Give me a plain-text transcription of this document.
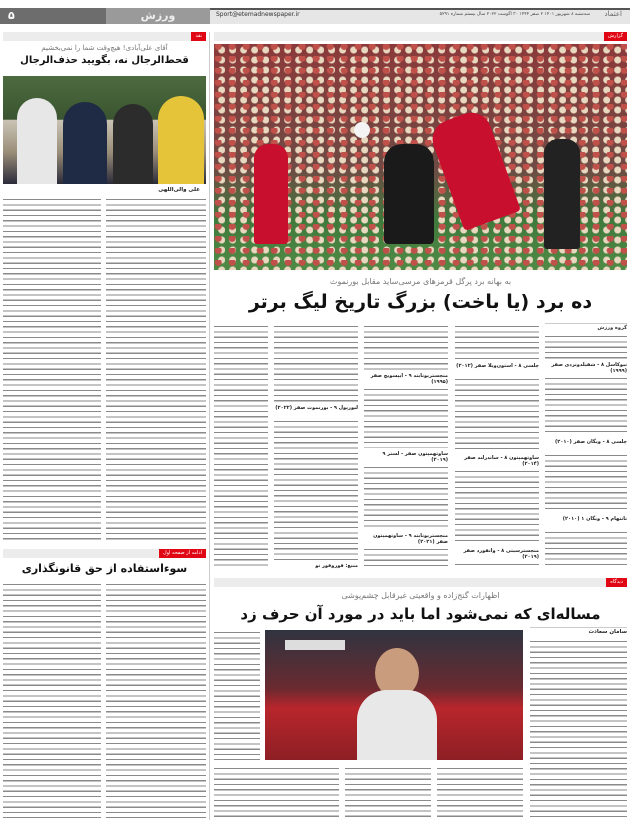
۵	ورزش	Sport@etemadnewspaper.ir	سه‌شنبه ۸ شهریور ۱۴۰۱ ۲ صفر ۱۴۴۴ ۳۰ اگوست ۲۰۲۲ سال بیستم شماره ۵۲۹۱ اعتماد
نقد
آقای علی‌آبادی! هیچ‌وقت شما را نمی‌بخشیم
قحط‌الرجال نه، بگویید حذف‌الرجال
علی والی‌اللهی
ادامه از صفحه اول
سوءاستفاده از حق قانونگذاری
گزارش
به بهانه برد پرگل قرمزهای مرسی‌ساید مقابل بورنموث
ده برد (یا باخت) بزرگ تاریخ لیگ برتر
گروه ورزش
نیوکاسل ۸ - شفیلدونزدی صفر (۱۹۹۹)
چلسی ۸ - ویگان صفر (۲۰۱۰)
تاتنهام ۹ - ویگان ۱ (۲۰۱۰)
چلسی ۸ - استون‌ویلا صفر (۲۰۱۲)
ساوتهمپتون ۸ - ساندرلند صفر (۲۰۱۴)
منچسترسیتی ۸ - واتفورد صفر (۲۰۱۹)
منچستریونایتد ۹ - ایپسویچ صفر (۱۹۹۵)
ساوتهمپتون صفر - لستر ۹ (۲۰۱۹)
منچستریونایتد ۹ - ساوتهمپتون صفر (۲۰۲۱)
لیورپول ۹ - بورنموث صفر (۲۰۲۲)
منبع: فوروفور تو
دیدگاه
اظهارات گنج‌زاده و واقعیتی غیرقابل چشم‌پوشی
مساله‌ای که نمی‌شود اما باید در مورد آن حرف زد
سامان سعادت
